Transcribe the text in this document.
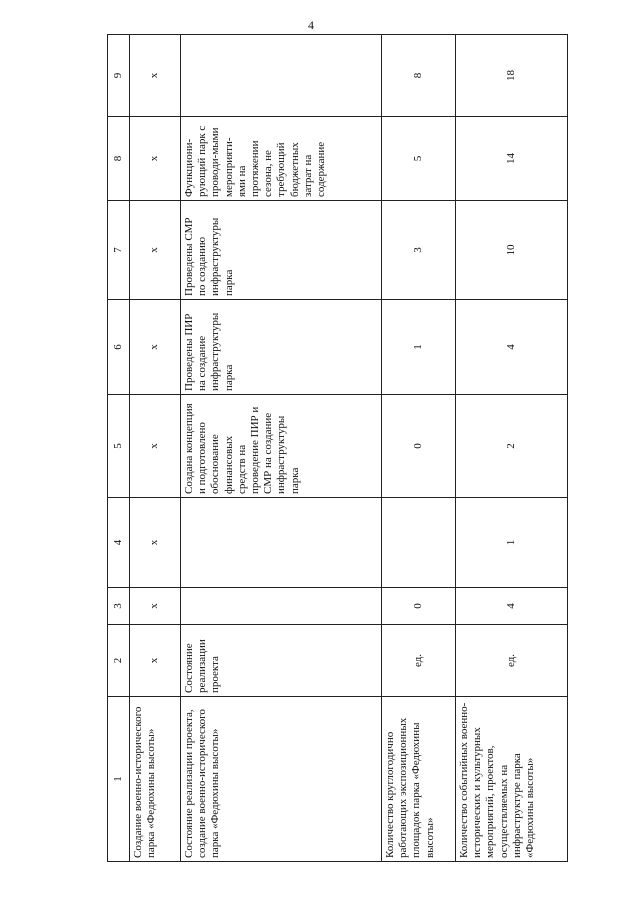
4
1	2	3	4	5	6	7	8	9
Создание военно-исторического парка «Федюхины высоты»	x	x	x	x	x	x	x	x
Состояние реализации проекта, создание военно-исторического парка «Федюхины высоты»	Состояние реализации проекта			Создана концепция и подготовлено обоснование финансовых средств на проведение ПИР и СМР на создание инфраструктуры парка	Проведены ПИР на создание инфраструктуры парка	Проведены СМР по созданию инфраструктуры парка	Функциони-рующий парк с проводи-мыми мероприяти-ями на протяжении сезона, не требующий бюджетных затрат на содержание	
Количество круглогодично работающих экспозиционных площадок парка «Федюхины высоты»	ед.	0		0	1	3	5	8
Количество событийных военно-исторических и культурных мероприятий, проектов, осуществляемых на инфраструктуре парка «Федюхины высоты»	ед.	4	1	2	4	10	14	18
